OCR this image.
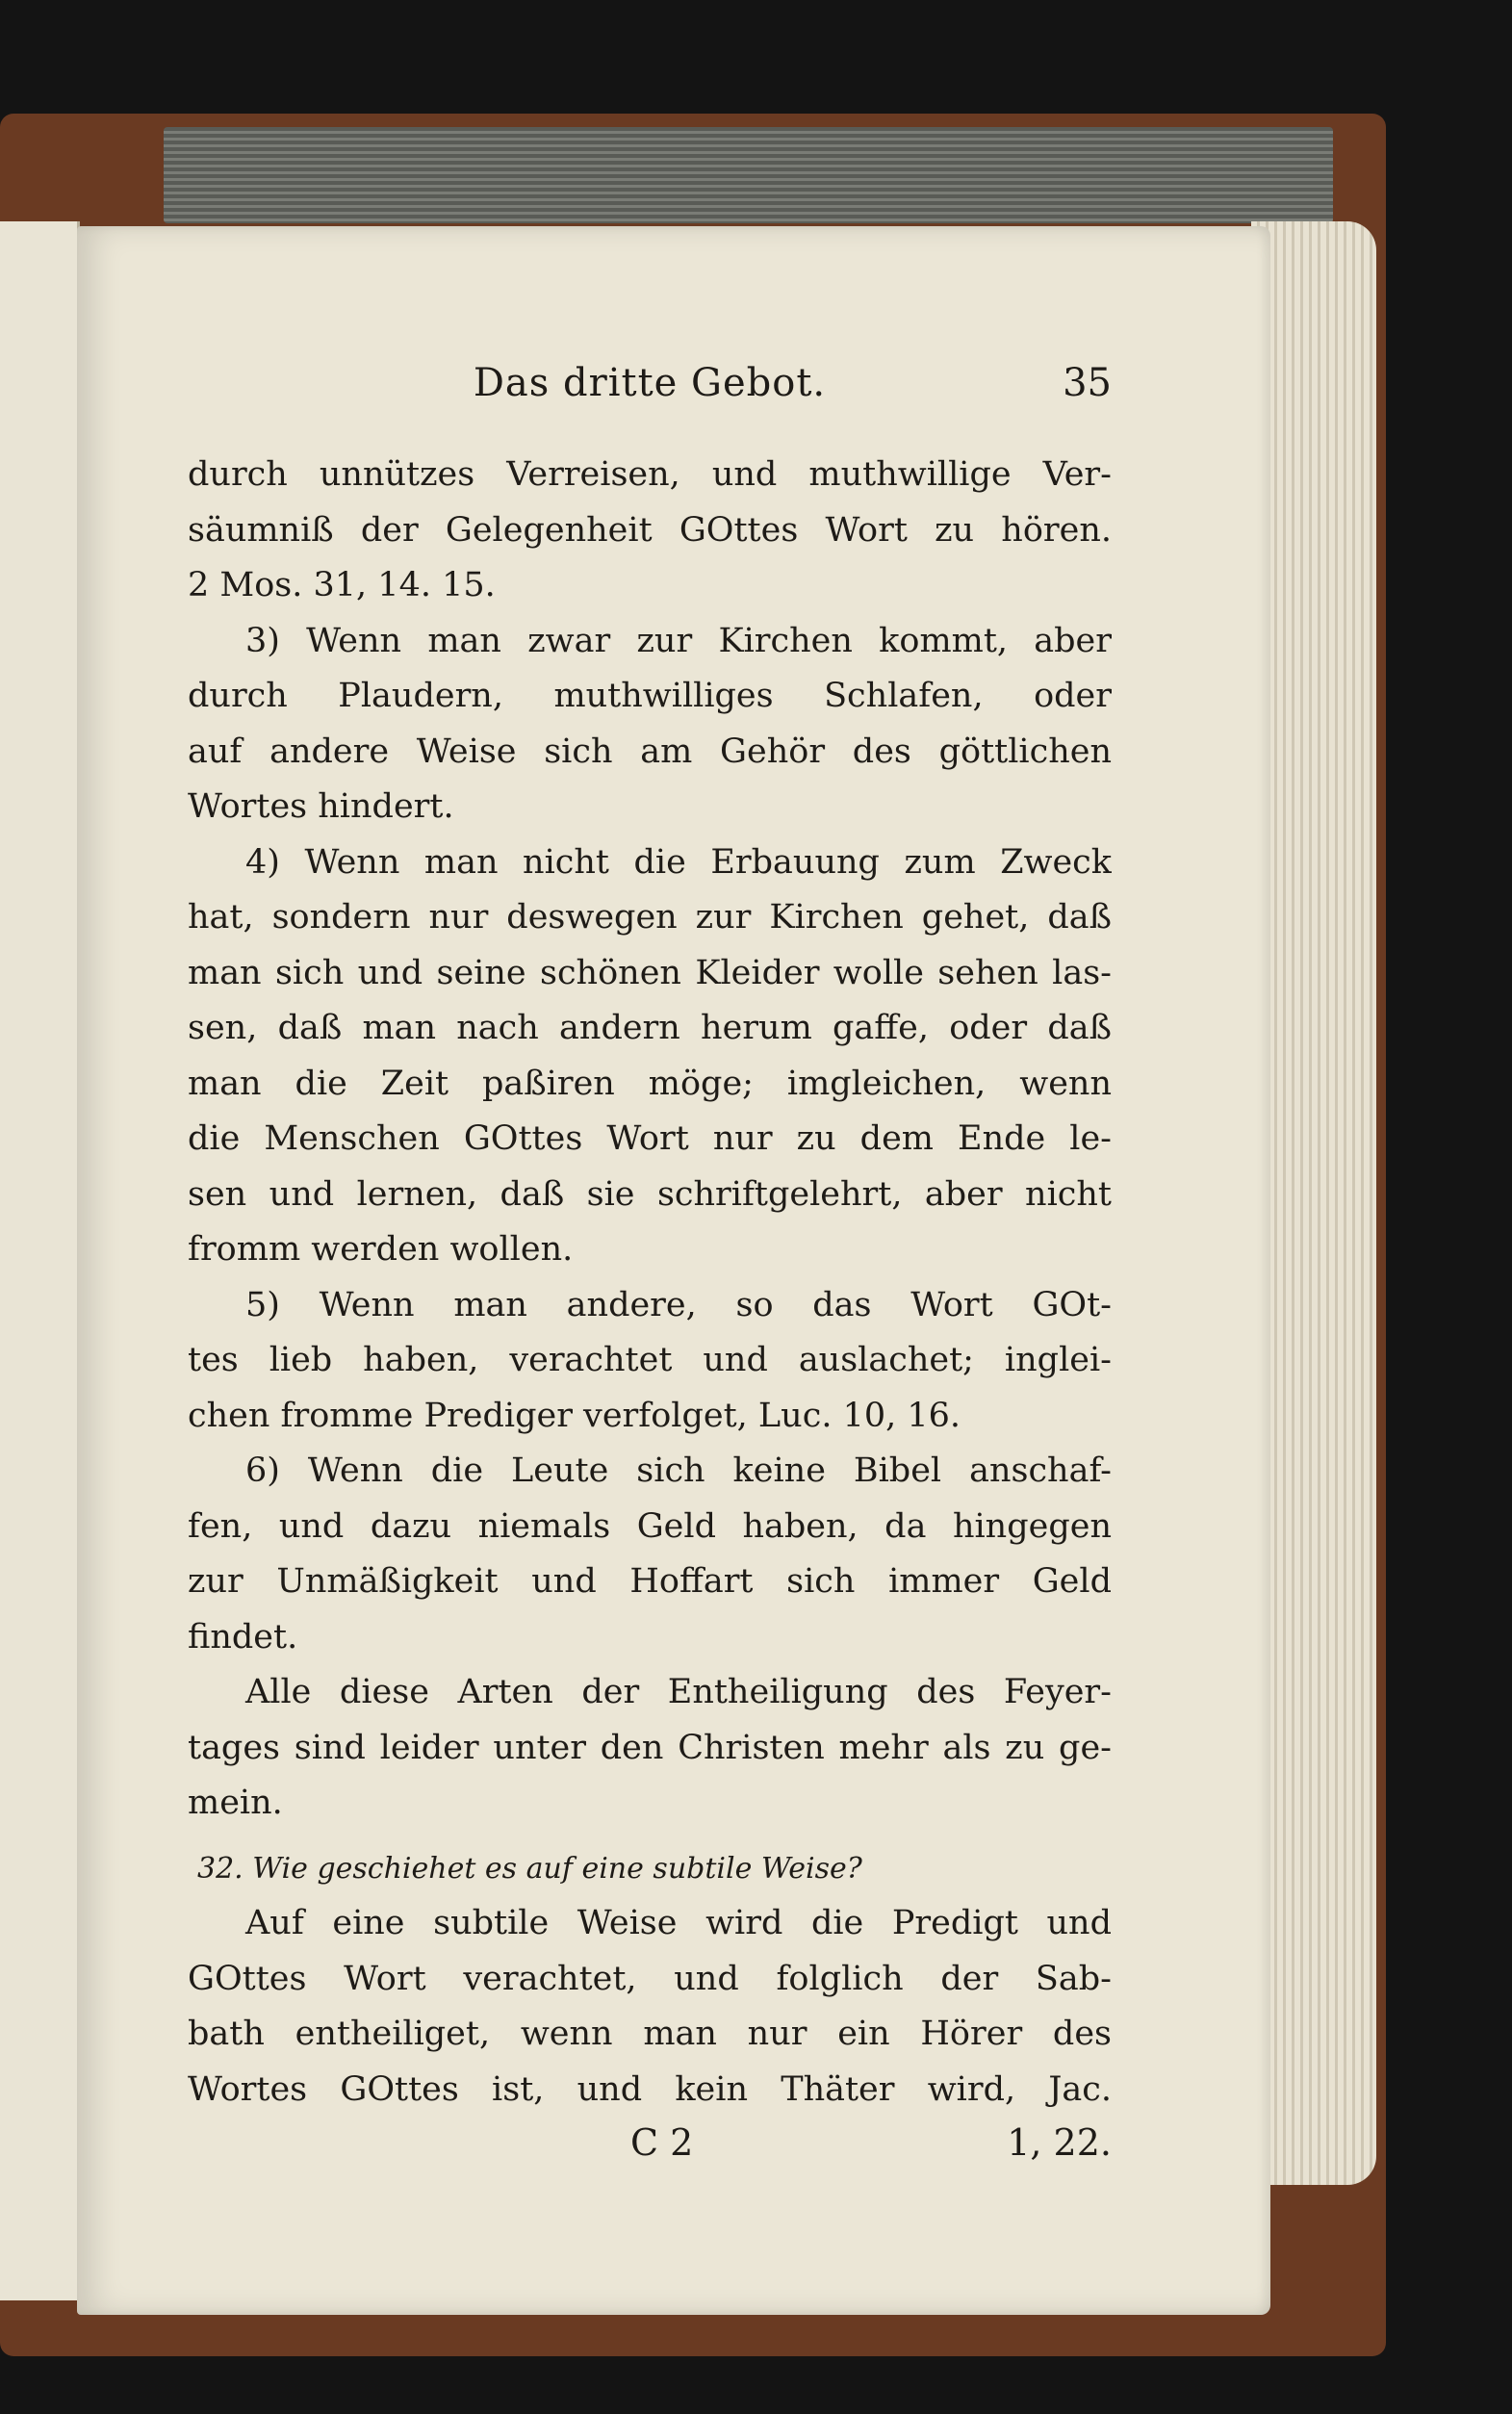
Das dritte Gebot.	35
durch unnützes Verreisen, und muthwillige Ver-
säumniß der Gelegenheit GOttes Wort zu hören.
2 Mos. 31, 14. 15.
3) Wenn man zwar zur Kirchen kommt, aber
durch Plaudern, muthwilliges Schlafen, oder
auf andere Weise sich am Gehör des göttlichen
Wortes hindert.
4) Wenn man nicht die Erbauung zum Zweck
hat, sondern nur deswegen zur Kirchen gehet, daß
man sich und seine schönen Kleider wolle sehen las-
sen, daß man nach andern herum gaffe, oder daß
man die Zeit paßiren möge; imgleichen, wenn
die Menschen GOttes Wort nur zu dem Ende le-
sen und lernen, daß sie schriftgelehrt, aber nicht
fromm werden wollen.
5) Wenn man andere, so das Wort GOt-
tes lieb haben, verachtet und auslachet; inglei-
chen fromme Prediger verfolget, Luc. 10, 16.
6) Wenn die Leute sich keine Bibel anschaf-
fen, und dazu niemals Geld haben, da hingegen
zur Unmäßigkeit und Hoffart sich immer Geld
findet.
Alle diese Arten der Entheiligung des Feyer-
tages sind leider unter den Christen mehr als zu ge-
mein.
32. Wie geschiehet es auf eine subtile Weise?
Auf eine subtile Weise wird die Predigt und
GOttes Wort verachtet, und folglich der Sab-
bath entheiliget, wenn man nur ein Hörer des
Wortes GOttes ist, und kein Thäter wird, Jac.
C 2	1, 22.
